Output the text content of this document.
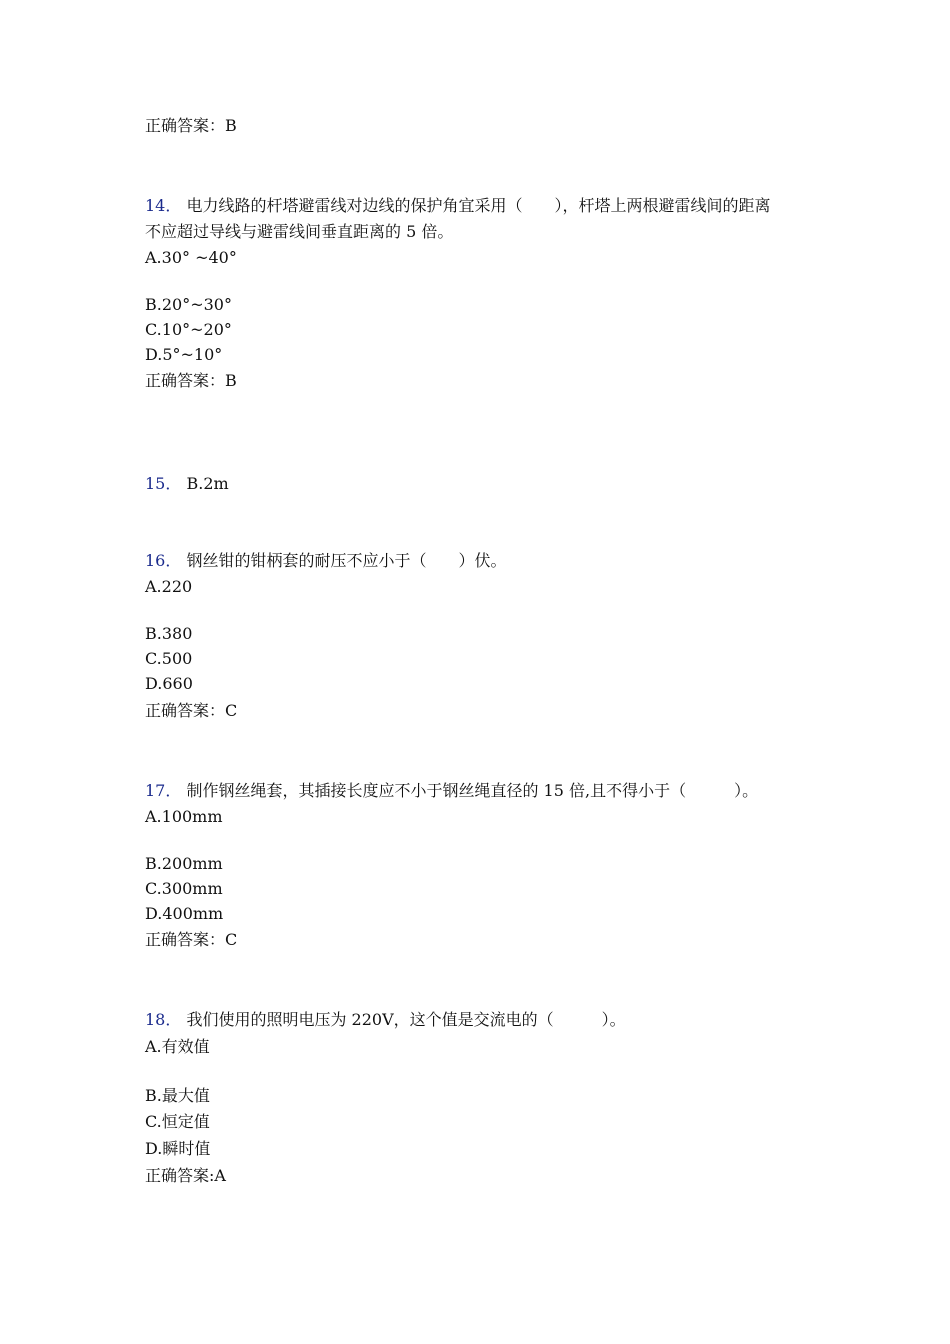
正确答案：B
14． 电力线路的杆塔避雷线对边线的保护角宜采用（　　），杆塔上两根避雷线间的距离
不应超过导线与避雷线间垂直距离的 5 倍。
A.30° ~40°
B.20°~30°
C.10°~20°
D.5°~10°
正确答案：B
15． B.2m
16． 钢丝钳的钳柄套的耐压不应小于（　　）伏。
A.220
B.380
C.500
D.660
正确答案：C
17． 制作钢丝绳套，其插接长度应不小于钢丝绳直径的 15 倍,且不得小于（　　　）。
A.100mm
B.200mm
C.300mm
D.400mm
正确答案：C
18． 我们使用的照明电压为 220V，这个值是交流电的（　　　）。
A.有效值
B.最大值
C.恒定值
D.瞬时值
正确答案:A
